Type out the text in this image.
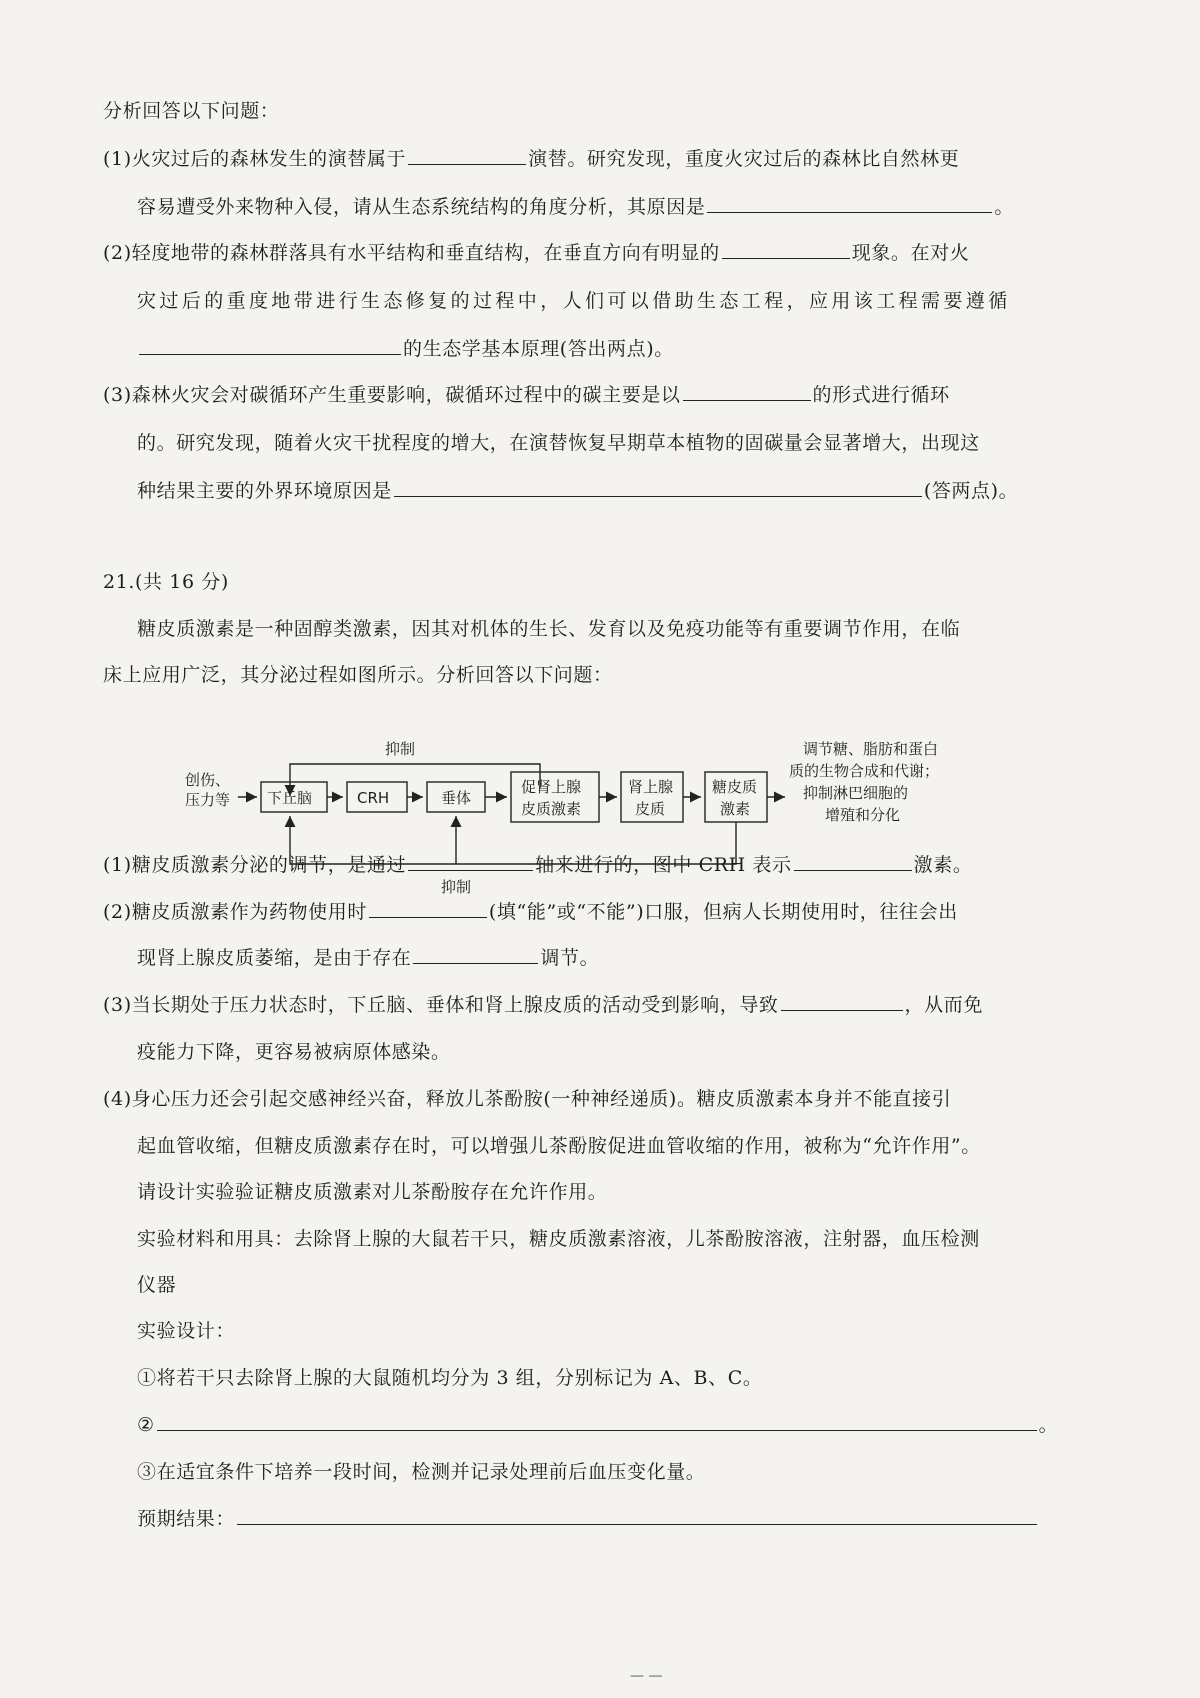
分析回答以下问题：
(1)火灾过后的森林发生的演替属于	演替。研究发现，重度火灾过后的森林比自然林更
容易遭受外来物种入侵，请从生态系统结构的角度分析，其原因是	。
(2)轻度地带的森林群落具有水平结构和垂直结构，在垂直方向有明显的	现象。在对火
灾过后的重度地带进行生态修复的过程中，人们可以借助生态工程，应用该工程需要遵循
的生态学基本原理(答出两点)。
(3)森林火灾会对碳循环产生重要影响，碳循环过程中的碳主要是以	的形式进行循环
的。研究发现，随着火灾干扰程度的增大，在演替恢复早期草本植物的固碳量会显著增大，出现这
种结果主要的外界环境原因是	(答两点)。
21.(共 16 分)
糖皮质激素是一种固醇类激素，因其对机体的生长、发育以及免疫功能等有重要调节作用，在临
床上应用广泛，其分泌过程如图所示。分析回答以下问题：
抑制
创伤、
压力等 下丘脑	CRH	垂体
促肾上腺
皮质激素
肾上腺
皮质
糖皮质
激素
调节糖、脂肪和蛋白
质的生物合成和代谢；
抑制淋巴细胞的
增殖和分化
抑制
(1)糖皮质激素分泌的调节，是通过	轴来进行的，图中 CRH 表示	激素。
(2)糖皮质激素作为药物使用时	(填“能”或“不能”)口服，但病人长期使用时，往往会出
现肾上腺皮质萎缩，是由于存在	调节。
(3)当长期处于压力状态时，下丘脑、垂体和肾上腺皮质的活动受到影响，导致	，从而免
疫能力下降，更容易被病原体感染。
(4)身心压力还会引起交感神经兴奋，释放儿茶酚胺(一种神经递质)。糖皮质激素本身并不能直接引
起血管收缩，但糖皮质激素存在时，可以增强儿茶酚胺促进血管收缩的作用，被称为“允许作用”。
请设计实验验证糖皮质激素对儿茶酚胺存在允许作用。
实验材料和用具：去除肾上腺的大鼠若干只，糖皮质激素溶液，儿茶酚胺溶液，注射器，血压检测
仪器
实验设计：
①将若干只去除肾上腺的大鼠随机均分为 3 组，分别标记为 A、B、C。
②	。
③在适宜条件下培养一段时间，检测并记录处理前后血压变化量。
预期结果：
— —
